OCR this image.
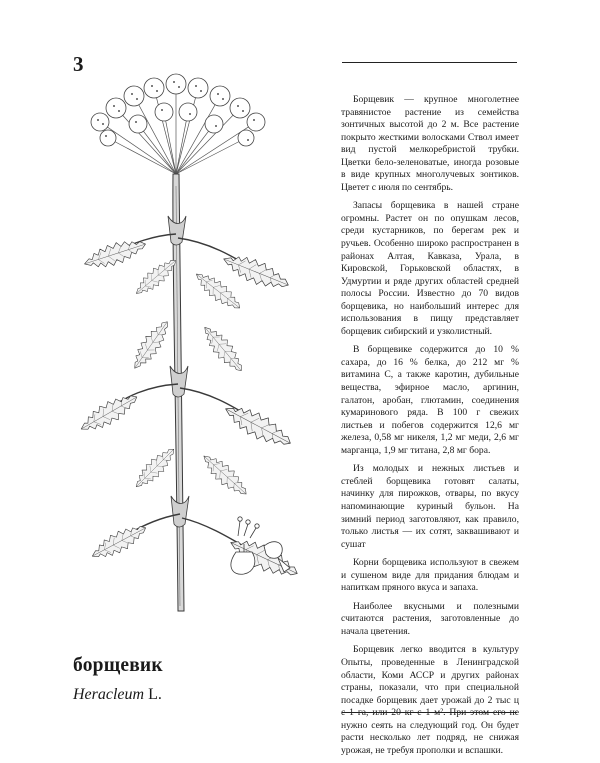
3

Борщевик — крупное многолетнее травянистое растение из семейства зонтичных высотой до 2 м. Все растение покрыто жесткими волосками Ствол имеет вид пустой мелкоребристой трубки. Цветки бело-зеленоватые, иногда розовые в виде крупных многолучевых зонтиков. Цветет с июля по сентябрь.

Запасы борщевика в нашей стране огромны. Растет он по опушкам лесов, среди кустарников, по берегам рек и ручьев. Особенно широко распространен в районах Алтая, Кавказа, Урала, в Кировской, Горьковской областях, в Удмуртии и ряде других областей средней полосы России. Известно до 70 видов борщевика, но наибольший интерес для использования в пищу представляет борщевик сибирский и узколистный.

В борщевике содержится до 10 % сахара, до 16 % белка, до 212 мг % витамина С, а также каротин, дубильные вещества, эфирное масло, аргинин, галатон, аробан, глютамин, соединения кумаринового ряда. В 100 г свежих листьев и побегов содержится 12,6 мг железа, 0,58 мг никеля, 1,2 мг меди, 2,6 мг марганца, 1,9 мг титана, 2,8 мг бора.

Из молодых и нежных листьев и стеблей борщевика готовят салаты, начинку для пирожков, отвары, по вкусу напоминающие куриный бульон. На зимний период заготовляют, как правило, только листья — их сотят, заквашивают и сушат

Корни борщевика используют в свежем и сушеном виде для придания блюдам и напиткам пряного вкуса и запаха.

Наиболее вкусными и полезными считаются растения, заготовленные до начала цветения.

Борщевик легко вводится в культуру Опыты, проведенные в Ленинградской области, Коми АССР и других районах страны, показали, что при специальной посадке борщевик дает урожай до 2 тыс ц с 1 га, или 20 кг с 1 м². При этом его не нужно сеять на следующий год. Он будет расти несколько лет подряд, не снижая урожая, не требуя прополки и вспашки.

борщевик
Heracleum L.
